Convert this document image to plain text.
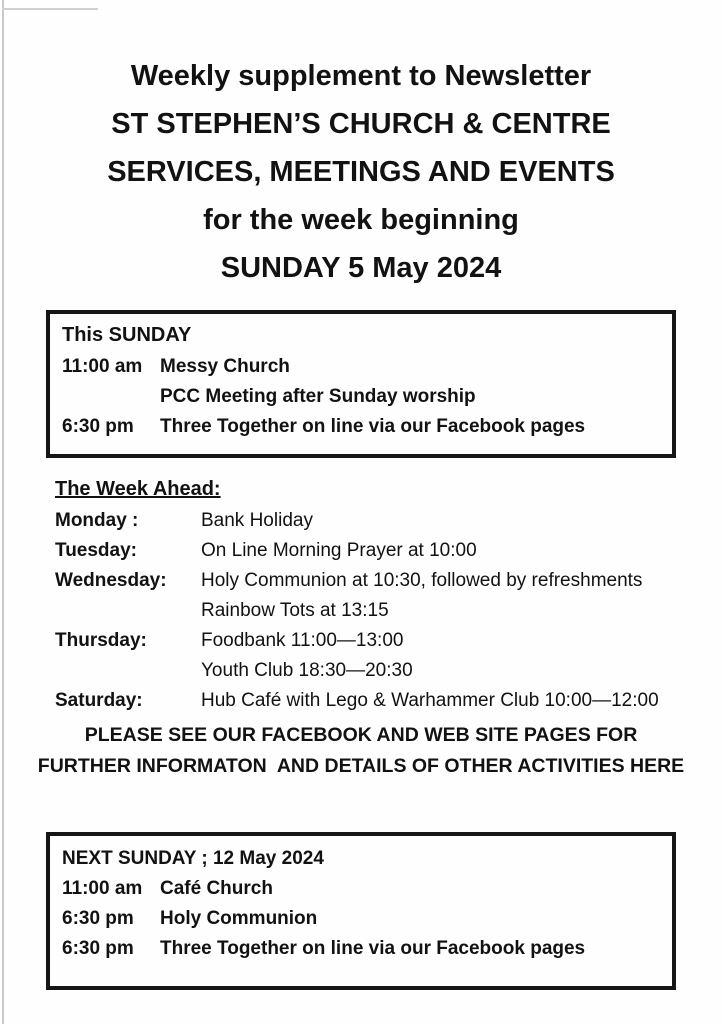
Weekly supplement to Newsletter
ST STEPHEN’S CHURCH & CENTRE
SERVICES, MEETINGS AND EVENTS
for the week beginning
SUNDAY 5 May 2024
This SUNDAY
11:00 am Messy Church
PCC Meeting after Sunday worship
6:30 pm	Three Together on line via our Facebook pages
The Week Ahead:
Monday :	Bank Holiday
Tuesday:	On Line Morning Prayer at 10:00
Wednesday:	Holy Communion at 10:30, followed by refreshments
Rainbow Tots at 13:15
Thursday:	Foodbank 11:00—13:00
Youth Club 18:30—20:30
Saturday:	Hub Café with Lego & Warhammer Club 10:00—12:00
PLEASE SEE OUR FACEBOOK AND WEB SITE PAGES FOR
FURTHER INFORMATON  AND DETAILS OF OTHER ACTIVITIES HERE
NEXT SUNDAY ; 12 May 2024
11:00 am Café Church
6:30 pm	Holy Communion
6:30 pm	Three Together on line via our Facebook pages
